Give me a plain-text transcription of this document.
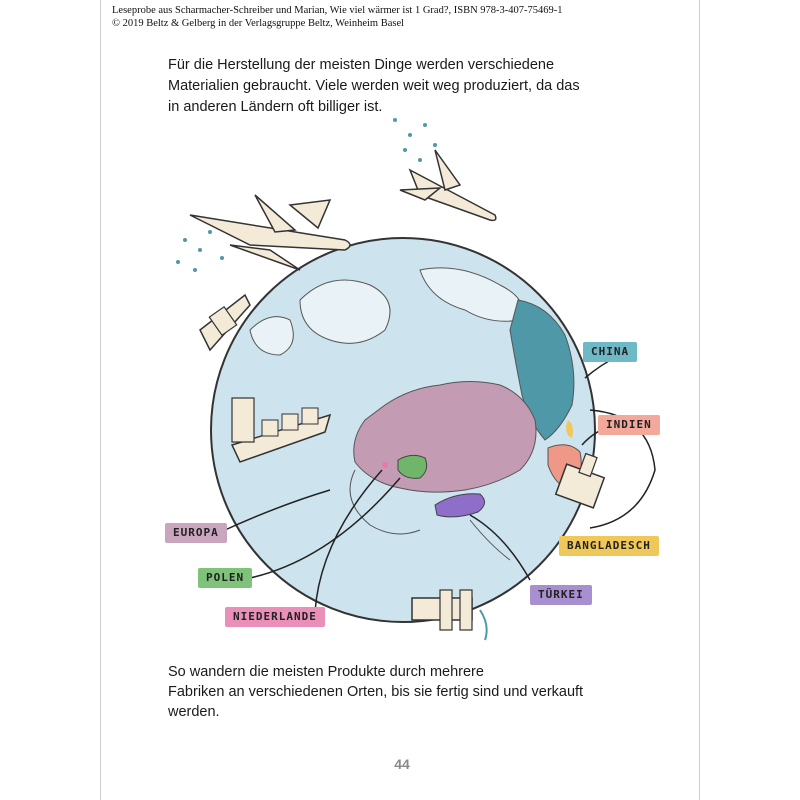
Leseprobe aus Scharmacher-Schreiber und Marian, Wie viel wärmer ist 1 Grad?, ISBN 978-3-407-75469-1
© 2019 Beltz & Gelberg in der Verlagsgruppe Beltz, Weinheim Basel
Für die Herstellung der meisten Dinge werden verschiedene
Materialien gebraucht. Viele werden weit weg produziert, da das
in anderen Ländern oft billiger ist.
CHINA
INDIEN
BANGLADESCH
TÜRKEI
NIEDERLANDE
POLEN
EUROPA
So wandern die meisten Produkte durch mehrere
Fabriken an verschiedenen Orten, bis sie fertig sind und verkauft
werden.
44
